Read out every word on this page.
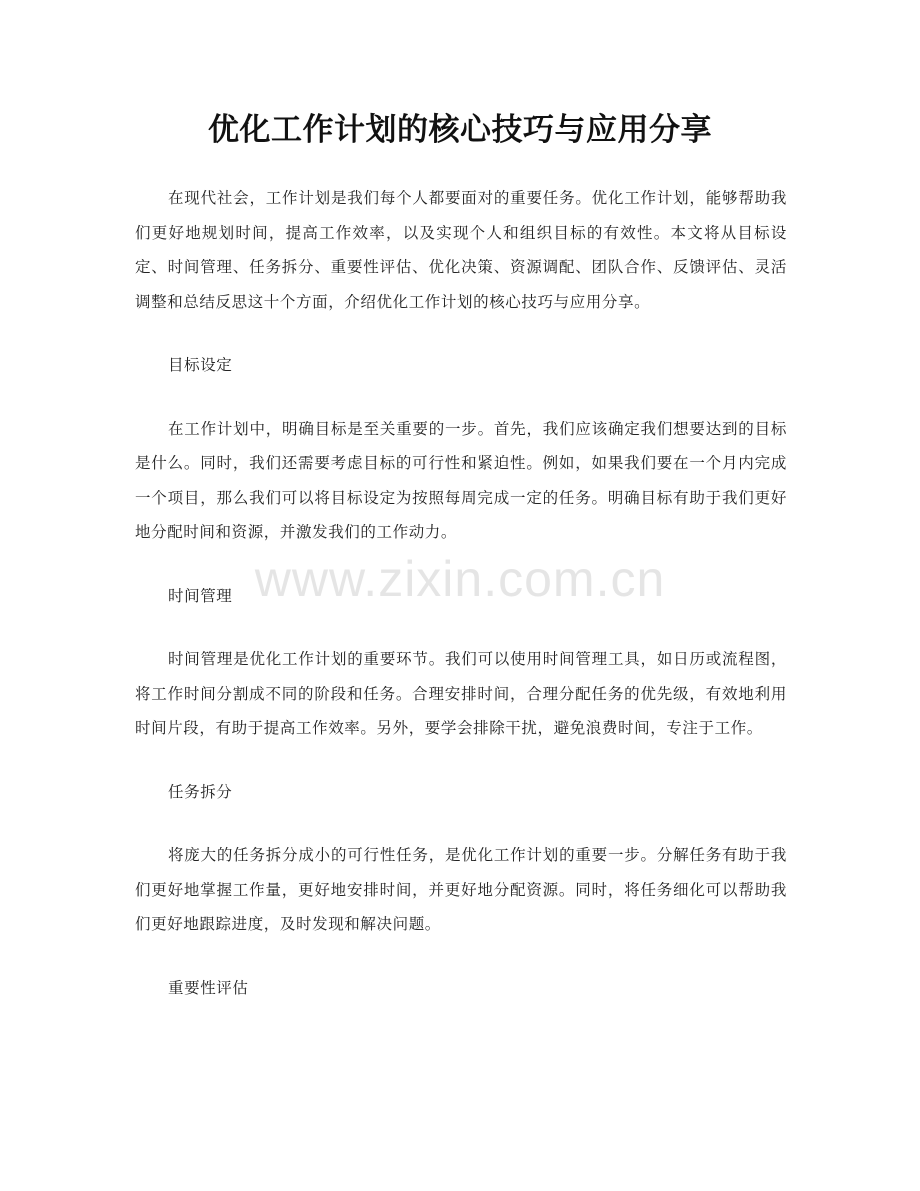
优化工作计划的核心技巧与应用分享

在现代社会，工作计划是我们每个人都要面对的重要任务。优化工作计划，能够帮助我们更好地规划时间，提高工作效率，以及实现个人和组织目标的有效性。本文将从目标设定、时间管理、任务拆分、重要性评估、优化决策、资源调配、团队合作、反馈评估、灵活调整和总结反思这十个方面，介绍优化工作计划的核心技巧与应用分享。

目标设定

在工作计划中，明确目标是至关重要的一步。首先，我们应该确定我们想要达到的目标是什么。同时，我们还需要考虑目标的可行性和紧迫性。例如，如果我们要在一个月内完成一个项目，那么我们可以将目标设定为按照每周完成一定的任务。明确目标有助于我们更好地分配时间和资源，并激发我们的工作动力。

时间管理

时间管理是优化工作计划的重要环节。我们可以使用时间管理工具，如日历或流程图，将工作时间分割成不同的阶段和任务。合理安排时间，合理分配任务的优先级，有效地利用时间片段，有助于提高工作效率。另外，要学会排除干扰，避免浪费时间，专注于工作。

任务拆分

将庞大的任务拆分成小的可行性任务，是优化工作计划的重要一步。分解任务有助于我们更好地掌握工作量，更好地安排时间，并更好地分配资源。同时，将任务细化可以帮助我们更好地跟踪进度，及时发现和解决问题。

重要性评估

www.zixin.com.cn
